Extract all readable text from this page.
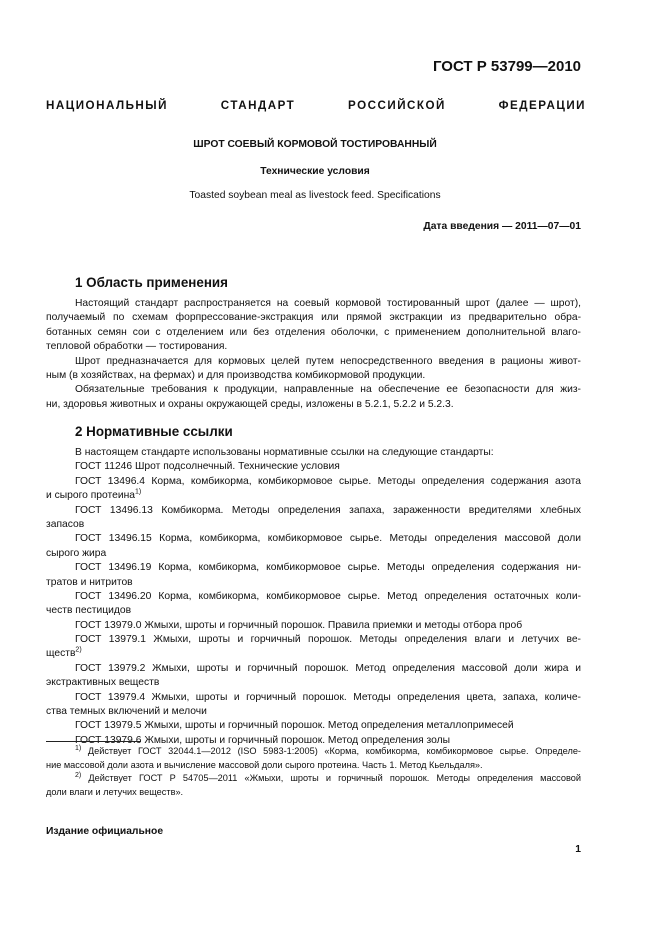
ГОСТ Р 53799—2010
НАЦИОНАЛЬНЫЙ СТАНДАРТ РОССИЙСКОЙ ФЕДЕРАЦИИ
ШРОТ СОЕВЫЙ КОРМОВОЙ ТОСТИРОВАННЫЙ
Технические условия
Toasted soybean meal as livestock feed. Specifications
Дата введения — 2011—07—01
1 Область применения
Настоящий стандарт распространяется на соевый кормовой тостированный шрот (далее — шрот),
получаемый по схемам форпрессование-экстракция или прямой экстракции из предварительно обра-
ботанных семян сои с отделением или без отделения оболочки, с применением дополнительной влаго-
тепловой обработки — тостирования.
Шрот предназначается для кормовых целей путем непосредственного введения в рационы живот-
ным (в хозяйствах, на фермах) и для производства комбикормовой продукции.
Обязательные требования к продукции, направленные на обеспечение ее безопасности для жиз-
ни, здоровья животных и охраны окружающей среды, изложены в 5.2.1, 5.2.2 и 5.2.3.
2 Нормативные ссылки
В настоящем стандарте использованы нормативные ссылки на следующие стандарты:
ГОСТ 11246 Шрот подсолнечный. Технические условия
ГОСТ 13496.4 Корма, комбикорма, комбикормовое сырье. Методы определения содержания азота
и сырого протеина$^{1)}$
ГОСТ 13496.13 Комбикорма. Методы определения запаха, зараженности вредителями хлебных
запасов
ГОСТ 13496.15 Корма, комбикорма, комбикормовое сырье. Методы определения массовой доли
сырого жира
ГОСТ 13496.19 Корма, комбикорма, комбикормовое сырье. Методы определения содержания ни-
тратов и нитритов
ГОСТ 13496.20 Корма, комбикорма, комбикормовое сырье. Метод определения остаточных коли-
честв пестицидов
ГОСТ 13979.0 Жмыхи, шроты и горчичный порошок. Правила приемки и методы отбора проб
ГОСТ 13979.1 Жмыхи, шроты и горчичный порошок. Методы определения влаги и летучих ве-
ществ$^{2)}$
ГОСТ 13979.2 Жмыхи, шроты и горчичный порошок. Метод определения массовой доли жира и
экстрактивных веществ
ГОСТ 13979.4 Жмыхи, шроты и горчичный порошок. Методы определения цвета, запаха, количе-
ства темных включений и мелочи
ГОСТ 13979.5 Жмыхи, шроты и горчичный порошок. Метод определения металлопримесей
ГОСТ 13979.6 Жмыхи, шроты и горчичный порошок. Метод определения золы
$^{1)}$ Действует ГОСТ 32044.1—2012 (ISO 5983-1:2005) «Корма, комбикорма, комбикормовое сырье. Определе-
ние массовой доли азота и вычисление массовой доли сырого протеина. Часть 1. Метод Кьельдаля».
$^{2)}$ Действует ГОСТ Р 54705—2011 «Жмыхи, шроты и горчичный порошок. Методы определения массовой
доли влаги и летучих веществ».
Издание официальное
1
